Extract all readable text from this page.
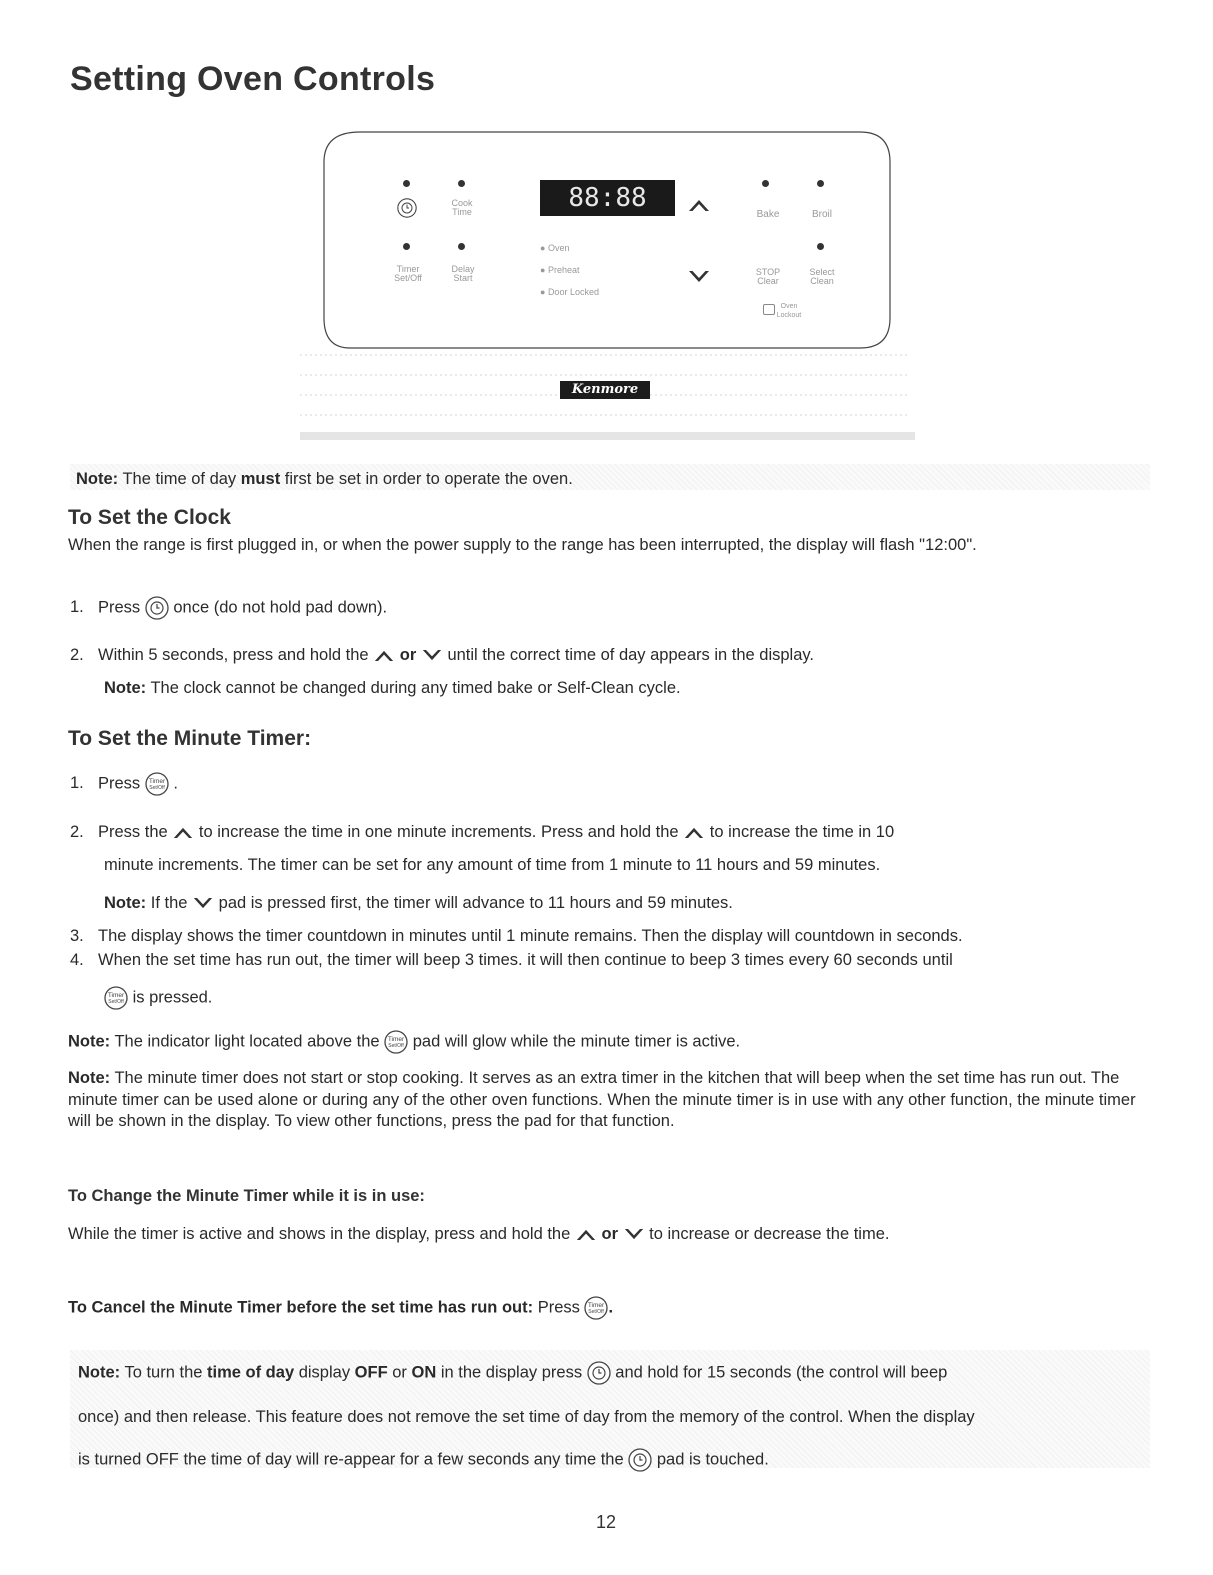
Setting Oven Controls
Cook
Time
Timer
Set/Off
Delay
Start
88:88
● Oven
● Preheat
● Door Locked
Bake	Broil
STOP
Clear
Select
Clean
Oven
Lockout
Kenmore
Note: The time of day must first be set in order to operate the oven.
To Set the Clock
When the range is first plugged in, or when the power supply to the range has been interrupted, the display will flash "12:00".
1. Press once (do not hold pad down).
2. Within 5 seconds, press and hold the or until the correct time of day appears in the display.
Note: The clock cannot be changed during any timed bake or Self-Clean cycle.
To Set the Minute Timer:
1. Press .
2. Press the to increase the time in one minute increments. Press and hold the to increase the time in 10
minute increments. The timer can be set for any amount of time from 1 minute to 11 hours and 59 minutes.
Note: If the pad is pressed first, the timer will advance to 11 hours and 59 minutes.
3. The display shows the timer countdown in minutes until 1 minute remains. Then the display will countdown in seconds.
4. When the set time has run out, the timer will beep 3 times. it will then continue to beep 3 times every 60 seconds until
is pressed.
Note: The indicator light located above the pad will glow while the minute timer is active.
Note: The minute timer does not start or stop cooking. It serves as an extra timer in the kitchen that will beep when the set time has run out. The minute timer can be used alone or during any of the other oven functions. When the minute timer is in use with any other function, the minute timer will be shown in the display. To view other functions, press the pad for that function.
To Change the Minute Timer while it is in use:
While the timer is active and shows in the display, press and hold the or to increase or decrease the time.
To Cancel the Minute Timer before the set time has run out: Press .
Note: To turn the time of day display OFF or ON in the display press and hold for 15 seconds (the control will beep
once) and then release. This feature does not remove the set time of day from the memory of the control. When the display
is turned OFF the time of day will re-appear for a few seconds any time the pad is touched.
12
